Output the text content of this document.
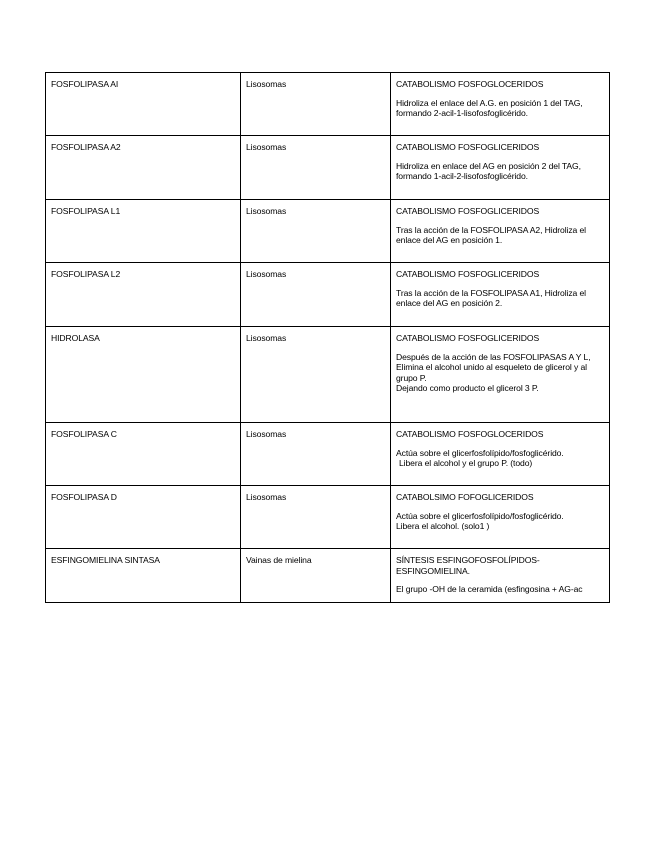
FOSFOLIPASA AI	Lisosomas	CATABOLISMO FOSFOGLOCERIDOS
Hidroliza el enlace del A.G. en posición 1 del TAG, formando 2-acil-1-lisofosfoglicérido.

FOSFOLIPASA A2	Lisosomas	CATABOLISMO FOSFOGLICERIDOS
Hidroliza en enlace del AG en posición 2 del TAG, formando 1-acil-2-lisofosfoglicérido.

FOSFOLIPASA L1	Lisosomas	CATABOLISMO FOSFOGLICERIDOS
Tras la acción de la FOSFOLIPASA A2, Hidroliza el enlace del AG en posición 1.

FOSFOLIPASA L2	Lisosomas	CATABOLISMO FOSFOGLICERIDOS
Tras la acción de la FOSFOLIPASA A1, Hidroliza el enlace del AG en posición 2.

HIDROLASA	Lisosomas	CATABOLISMO FOSFOGLICERIDOS
Después de la acción de las FOSFOLIPASAS A Y L,
Elimina el alcohol unido al esqueleto de glicerol y al grupo P.
Dejando como producto el glicerol 3 P.

FOSFOLIPASA C	Lisosomas	CATABOLISMO FOSFOGLOCERIDOS
Actúa sobre el glicerfosfolípido/fosfoglicérido.
Libera el alcohol y el grupo P. (todo)

FOSFOLIPASA D	Lisosomas	CATABOLSIMO FOFOGLICERIDOS
Actúa sobre el glicerfosfolípido/fosfoglicérido.
Libera el alcohol. (solo1 )

ESFINGOMIELINA SINTASA	Vainas de mielina	SÍNTESIS ESFINGOFOSFOLÍPIDOS-ESFINGOMIELINA.
El grupo -OH de la ceramida (esfingosina + AG-ac
